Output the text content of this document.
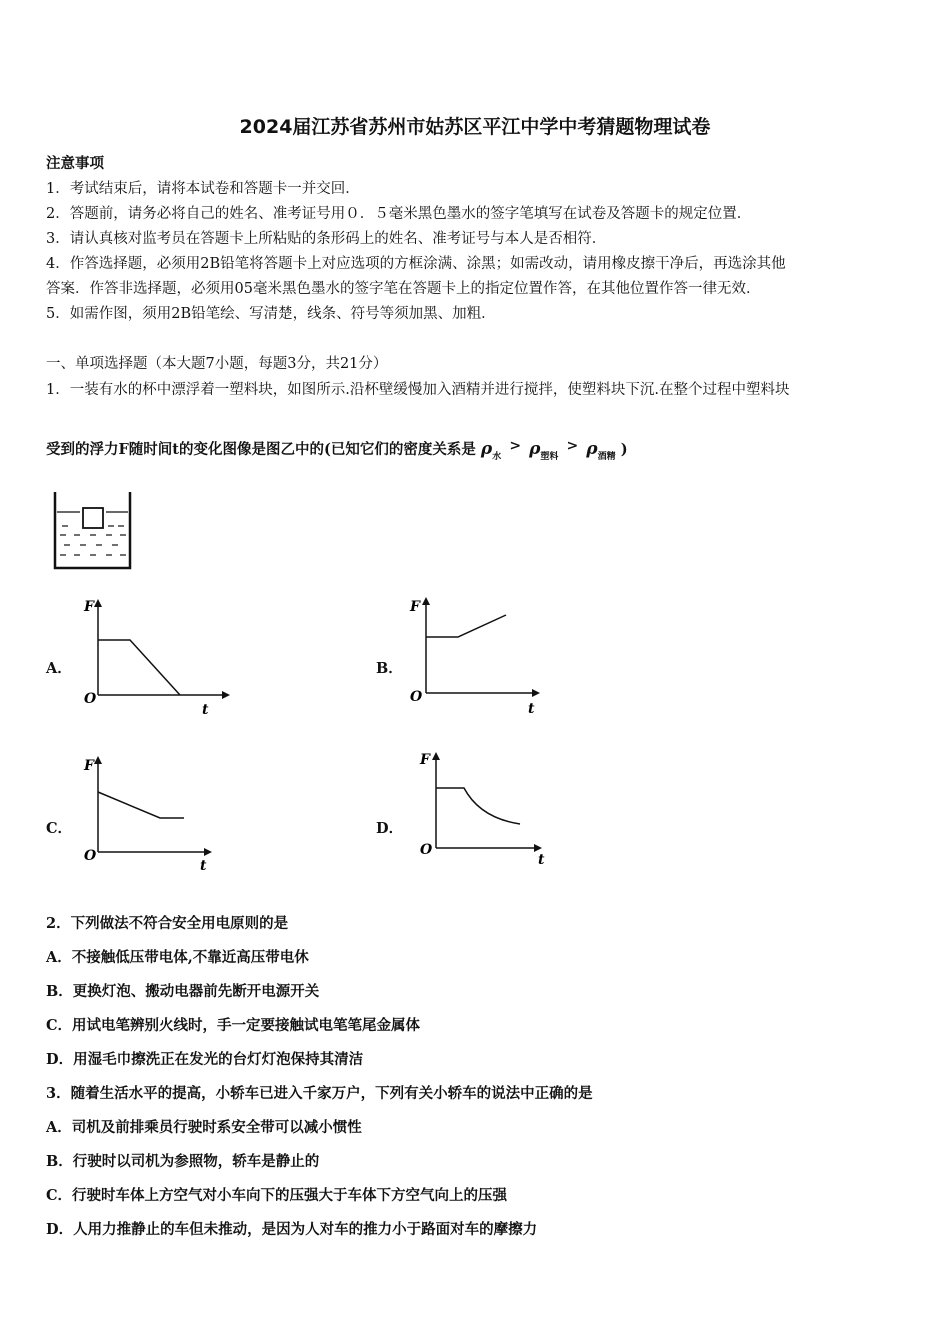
2024届江苏省苏州市姑苏区平江中学中考猜题物理试卷
注意事项
1．考试结束后，请将本试卷和答题卡一并交回．
2．答题前，请务必将自己的姓名、准考证号用０．５毫米黑色墨水的签字笔填写在试卷及答题卡的规定位置．
3．请认真核对监考员在答题卡上所粘贴的条形码上的姓名、准考证号与本人是否相符．
4．作答选择题，必须用2B铅笔将答题卡上对应选项的方框涂满、涂黑；如需改动，请用橡皮擦干净后，再选涂其他
答案．作答非选择题，必须用05毫米黑色墨水的签字笔在答题卡上的指定位置作答，在其他位置作答一律无效．
5．如需作图，须用2B铅笔绘、写清楚，线条、符号等须加黑、加粗．
一、单项选择题（本大题7小题，每题3分，共21分）
1．一装有水的杯中漂浮着一塑料块，如图所示.沿杯壁缓慢加入酒精并进行搅拌，使塑料块下沉.在整个过程中塑料块
受到的浮力F随时间t的变化图像是图乙中的(已知它们的密度关系是 $\rho_水 > \rho_{塑料} > \rho_{酒精}$ )
A．
F
O
t
B．
F
O
t
C．
F
O
t
D．
F
O
t
2．下列做法不符合安全用电原则的是
A．不接触低压带电体,不靠近高压带电休
B．更换灯泡、搬动电器前先断开电源开关
C．用试电笔辨别火线时，手一定要接触试电笔笔尾金属体
D．用湿毛巾擦洗正在发光的台灯灯泡保持其清洁
3．随着生活水平的提高，小轿车已进入千家万户，下列有关小轿车的说法中正确的是
A．司机及前排乘员行驶时系安全带可以减小惯性
B．行驶时以司机为参照物，轿车是静止的
C．行驶时车体上方空气对小车向下的压强大于车体下方空气向上的压强
D．人用力推静止的车但未推动，是因为人对车的推力小于路面对车的摩擦力
